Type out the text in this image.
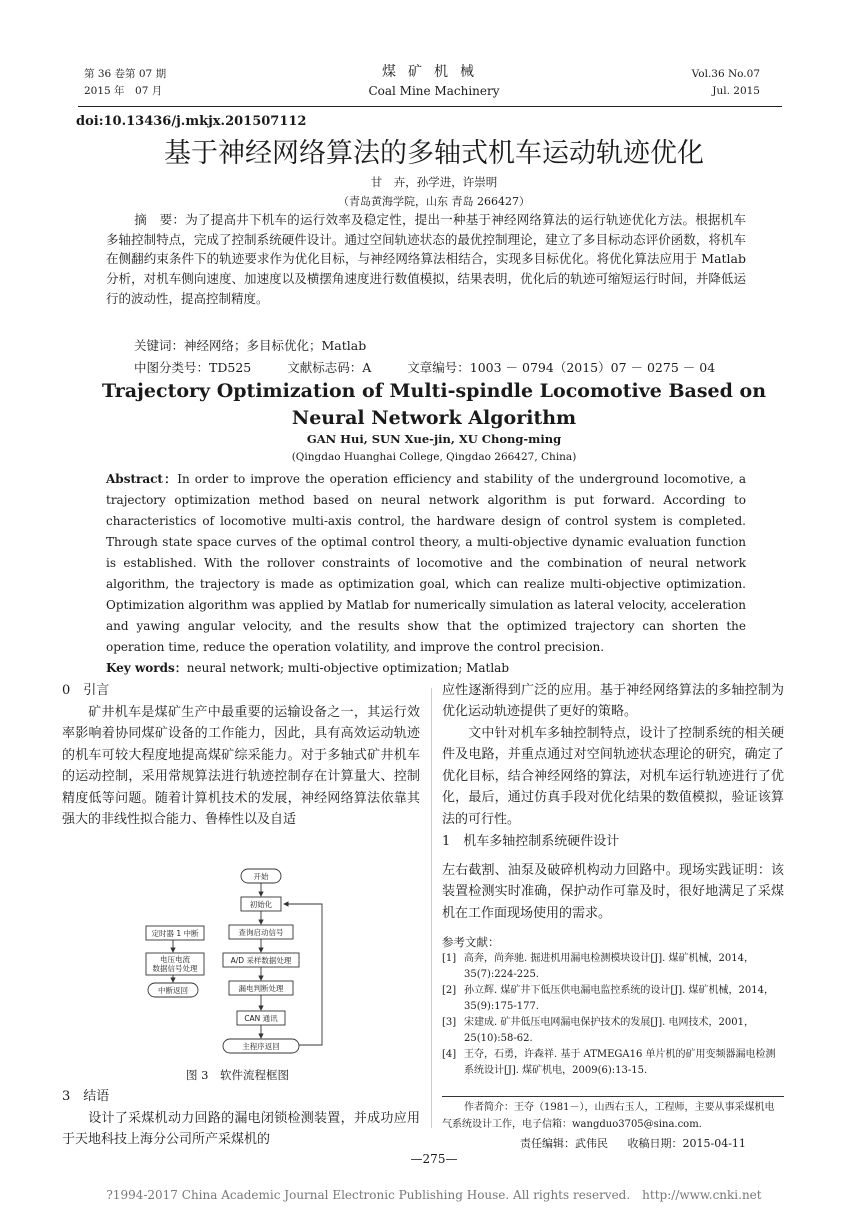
第 36 卷第 07 期
2015 年　07 月
煤矿机械
Coal Mine Machinery
Vol.36 No.07
Jul. 2015
doi:10.13436/j.mkjx.201507112
基于神经网络算法的多轴式机车运动轨迹优化
甘　卉，孙学进，许崇明
（青岛黄海学院，山东 青岛 266427）
摘　要：为了提高井下机车的运行效率及稳定性，提出一种基于神经网络算法的运行轨迹优化方法。根据机车多轴控制特点，完成了控制系统硬件设计。通过空间轨迹状态的最优控制理论，建立了多目标动态评价函数，将机车在侧翻约束条件下的轨迹要求作为优化目标，与神经网络算法相结合，实现多目标优化。将优化算法应用于 Matlab 分析，对机车侧向速度、加速度以及横摆角速度进行数值模拟，结果表明，优化后的轨迹可缩短运行时间，并降低运行的波动性，提高控制精度。
关键词：神经网络；多目标优化；Matlab
中图分类号：TD525	文献标志码：A	文章编号：1003 － 0794（2015）07 － 0275 － 04
Trajectory Optimization of Multi-spindle Locomotive Based on Neural Network Algorithm
GAN Hui, SUN Xue-jin, XU Chong-ming
(Qingdao Huanghai College, Qingdao 266427, China)
Abstract：In order to improve the operation efficiency and stability of the underground locomotive, a trajectory optimization method based on neural network algorithm is put forward. According to characteristics of locomotive multi-axis control, the hardware design of control system is completed. Through state space curves of the optimal control theory, a multi-objective dynamic evaluation function is established. With the rollover constraints of locomotive and the combination of neural network algorithm, the trajectory is made as optimization goal, which can realize multi-objective optimization. Optimization algorithm was applied by Matlab for numerically simulation as lateral velocity, acceleration and yawing angular velocity, and the results show that the optimized trajectory can shorten the operation time, reduce the operation volatility, and improve the control precision.
Key words：neural network; multi-objective optimization; Matlab
0　引言
矿井机车是煤矿生产中最重要的运输设备之一，其运行效率影响着协同煤矿设备的工作能力，因此，具有高效运动轨迹的机车可较大程度地提高煤矿综采能力。对于多轴式矿井机车的运动控制，采用常规算法进行轨迹控制存在计算量大、控制精度低等问题。随着计算机技术的发展，神经网络算法依靠其强大的非线性拟合能力、鲁棒性以及自适
开始
初始化
查询启动信号
A/D 采样数据处理
漏电判断处理
CAN 通讯
主程序返回
定时器 1 中断
电压电流
数据信号处理
中断返回
图 3　软件流程框图
3　结语
设计了采煤机动力回路的漏电闭锁检测装置，并成功应用于天地科技上海分公司所产采煤机的
应性逐渐得到广泛的应用。基于神经网络算法的多轴控制为优化运动轨迹提供了更好的策略。
文中针对机车多轴控制特点，设计了控制系统的相关硬件及电路，并重点通过对空间轨迹状态理论的研究，确定了优化目标，结合神经网络的算法，对机车运行轨迹进行了优化，最后，通过仿真手段对优化结果的数值模拟，验证该算法的可行性。
1　机车多轴控制系统硬件设计
左右截割、油泵及破碎机构动力回路中。现场实践证明：该装置检测实时准确，保护动作可靠及时，很好地满足了采煤机在工作面现场使用的需求。
参考文献：
[1] 高奔，尚奔驰. 掘进机用漏电检测模块设计[J]. 煤矿机械，2014，35(7):224-225.
[2] 孙立辉. 煤矿井下低压供电漏电监控系统的设计[J]. 煤矿机械，2014，35(9):175-177.
[3] 宋建成. 矿井低压电网漏电保护技术的发展[J]. 电网技术，2001，25(10):58-62.
[4] 王夺，石勇，许森祥. 基于 ATMEGA16 单片机的矿用变频器漏电检测系统设计[J]. 煤矿机电，2009(6):13-15.
作者简介：王夺（1981－），山西右玉人，工程师，主要从事采煤机电气系统设计工作，电子信箱：wangduo3705@sina.com.
责任编辑：武伟民 收稿日期：2015-04-11
—275—
?1994-2017 China Academic Journal Electronic Publishing House. All rights reserved.　http://www.cnki.net
